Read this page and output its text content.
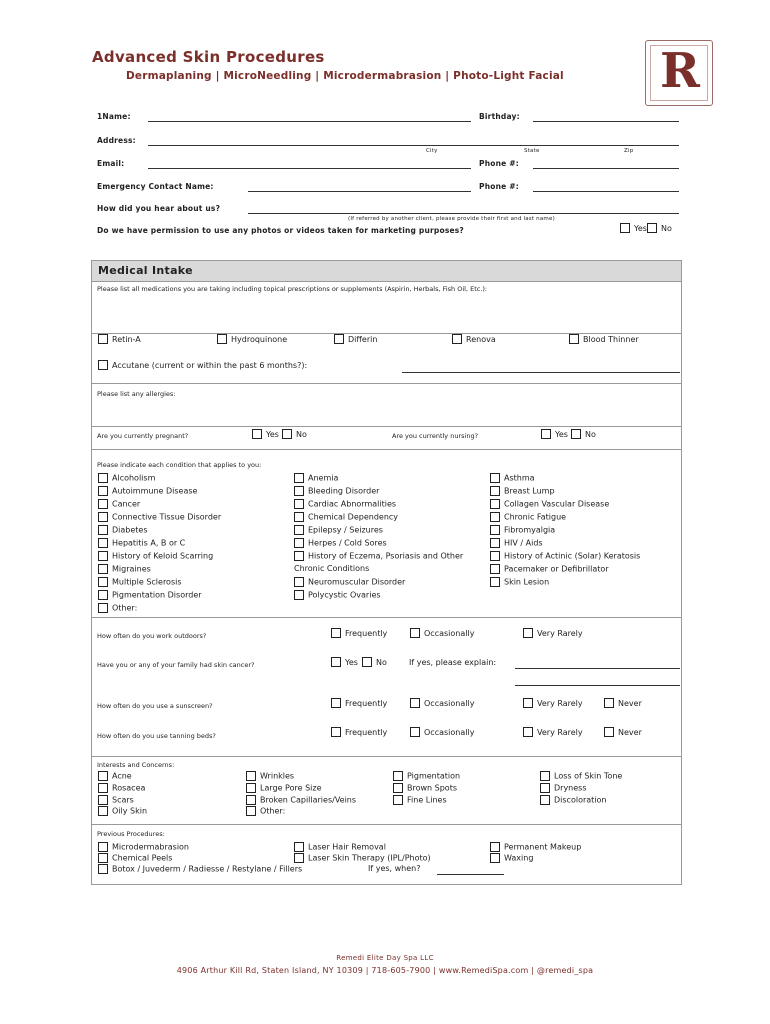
Advanced Skin Procedures
Dermaplaning | MicroNeedling | Microdermabrasion | Photo-Light Facial R
1Name:	Birthday:
Address:
City	State	Zip
Email:	Phone #:
Emergency Contact Name:	Phone #:
How did you hear about us?
(If referred by another client, please provide their first and last name)
Do we have permission to use any photos or videos taken for marketing purposes?	Yes	No
Medical Intake
Please list all medications you are taking including topical prescriptions or supplements (Aspirin, Herbals, Fish Oil, Etc.):
Retin-A	Hydroquinone	Differin	Renova	Blood Thinner
Accutane (current or within the past 6 months?):
Please list any allergies:
Are you currently pregnant?	Yes	No	Are you currently nursing?	Yes	No
Please indicate each condition that applies to you:
Alcoholism
Autoimmune Disease
Cancer
Connective Tissue Disorder
Diabetes
Hepatitis A, B or C
History of Keloid Scarring
Migraines
Multiple Sclerosis
Pigmentation Disorder
Other:
Anemia
Bleeding Disorder
Cardiac Abnormalities
Chemical Dependency
Epilepsy / Seizures
Herpes / Cold Sores
History of Eczema, Psoriasis and Other
Chronic Conditions
Neuromuscular Disorder
Polycystic Ovaries
Asthma
Breast Lump
Collagen Vascular Disease
Chronic Fatigue
Fibromyalgia
HIV / Aids
History of Actinic (Solar) Keratosis
Pacemaker or Defibrillator
Skin Lesion
How often do you work outdoors?	Frequently	Occasionally	Very Rarely
Have you or any of your family had skin cancer?	Yes	No	If yes, please explain:
How often do you use a sunscreen?	Frequently	Occasionally	Very Rarely	Never
How often do you use tanning beds?	Frequently	Occasionally	Very Rarely	Never
Interests and Concerns:
Acne
Rosacea
Scars
Oily Skin
Wrinkles
Large Pore Size
Broken Capillaries/Veins
Other:
Pigmentation
Brown Spots
Fine Lines
Loss of Skin Tone
Dryness
Discoloration
Previous Procedures:
Microdermabrasion
Chemical Peels
Botox / Juvederm / Radiesse / Restylane / Fillers
Laser Hair Removal
Laser Skin Therapy (IPL/Photo)
If yes, when?
Permanent Makeup
Waxing
Remedi Elite Day Spa LLC
4906 Arthur Kill Rd, Staten Island, NY 10309 | 718-605-7900 | www.RemediSpa.com | @remedi_spa
